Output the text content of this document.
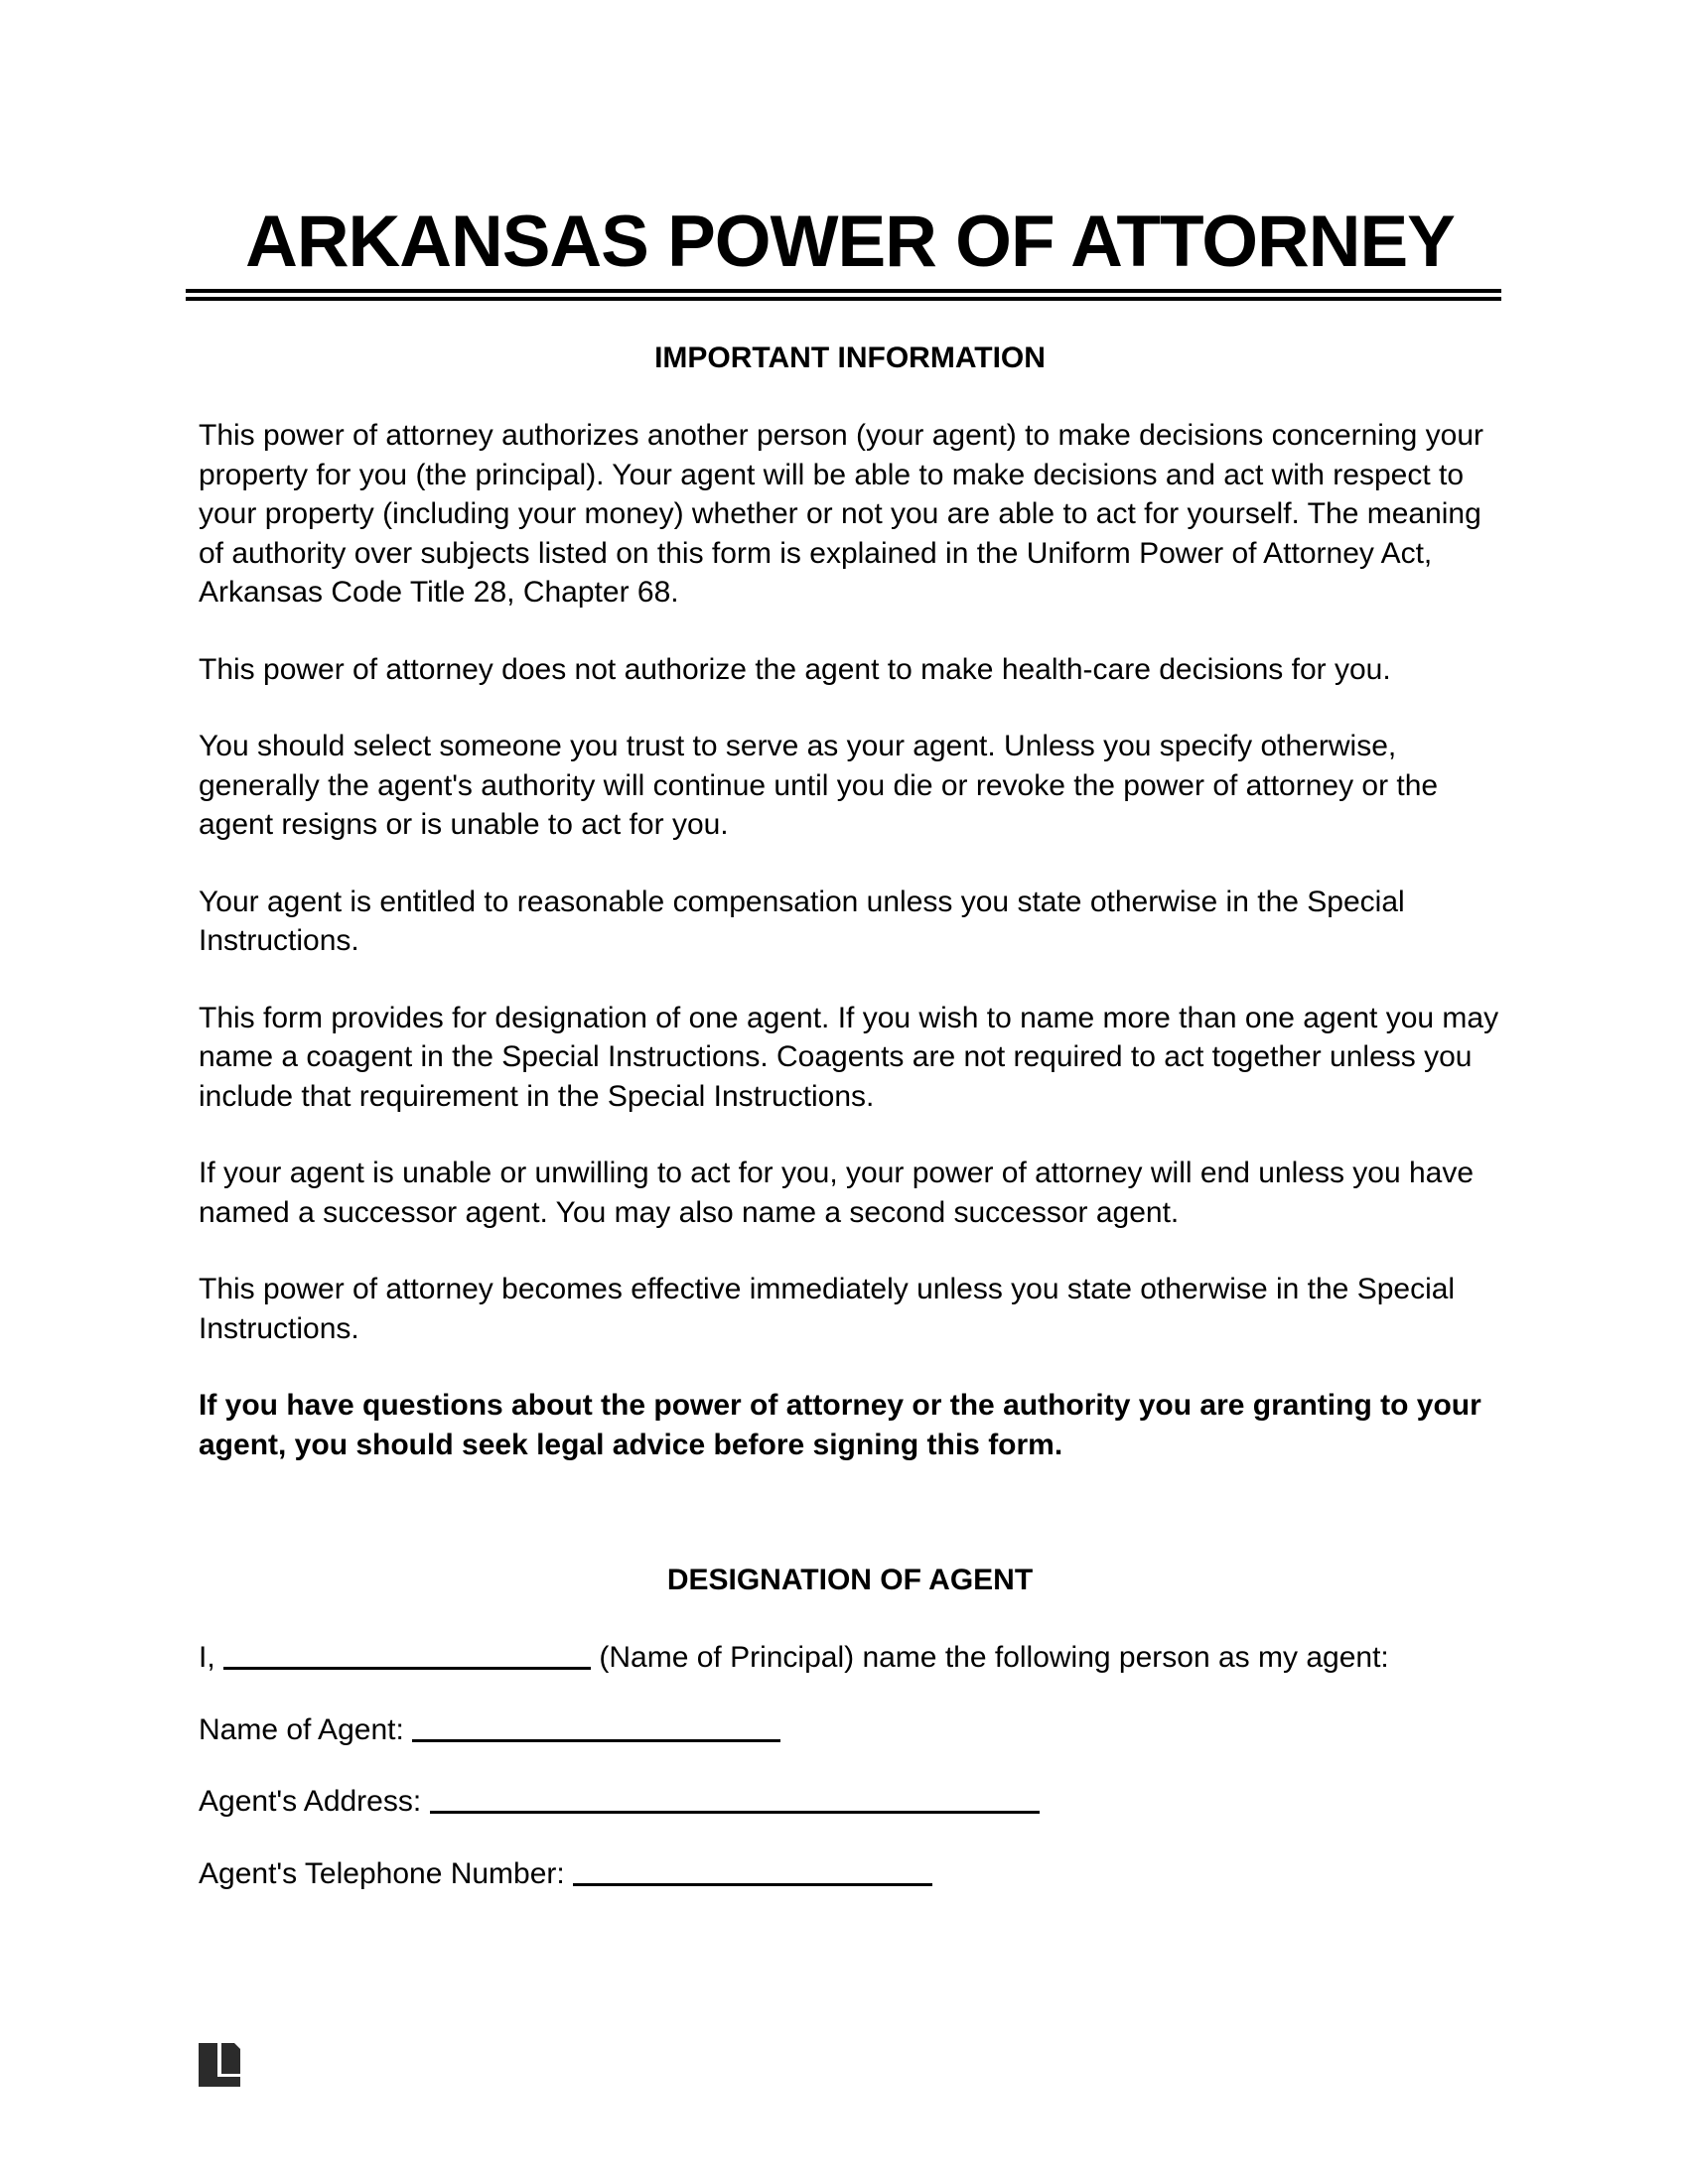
ARKANSAS POWER OF ATTORNEY
IMPORTANT INFORMATION

This power of attorney authorizes another person (your agent) to make decisions concerning your property for you (the principal). Your agent will be able to make decisions and act with respect to your property (including your money) whether or not you are able to act for yourself. The meaning of authority over subjects listed on this form is explained in the Uniform Power of Attorney Act, Arkansas Code Title 28, Chapter 68.

This power of attorney does not authorize the agent to make health-care decisions for you.

You should select someone you trust to serve as your agent. Unless you specify otherwise, generally the agent's authority will continue until you die or revoke the power of attorney or the agent resigns or is unable to act for you.

Your agent is entitled to reasonable compensation unless you state otherwise in the Special Instructions.

This form provides for designation of one agent. If you wish to name more than one agent you may name a coagent in the Special Instructions. Coagents are not required to act together unless you include that requirement in the Special Instructions.

If your agent is unable or unwilling to act for you, your power of attorney will end unless you have named a successor agent. You may also name a second successor agent.

This power of attorney becomes effective immediately unless you state otherwise in the Special Instructions.

If you have questions about the power of attorney or the authority you are granting to your agent, you should seek legal advice before signing this form.

DESIGNATION OF AGENT
I,	(Name of Principal) name the following person as my agent:
Name of Agent:
Agent's Address:
Agent's Telephone Number:
